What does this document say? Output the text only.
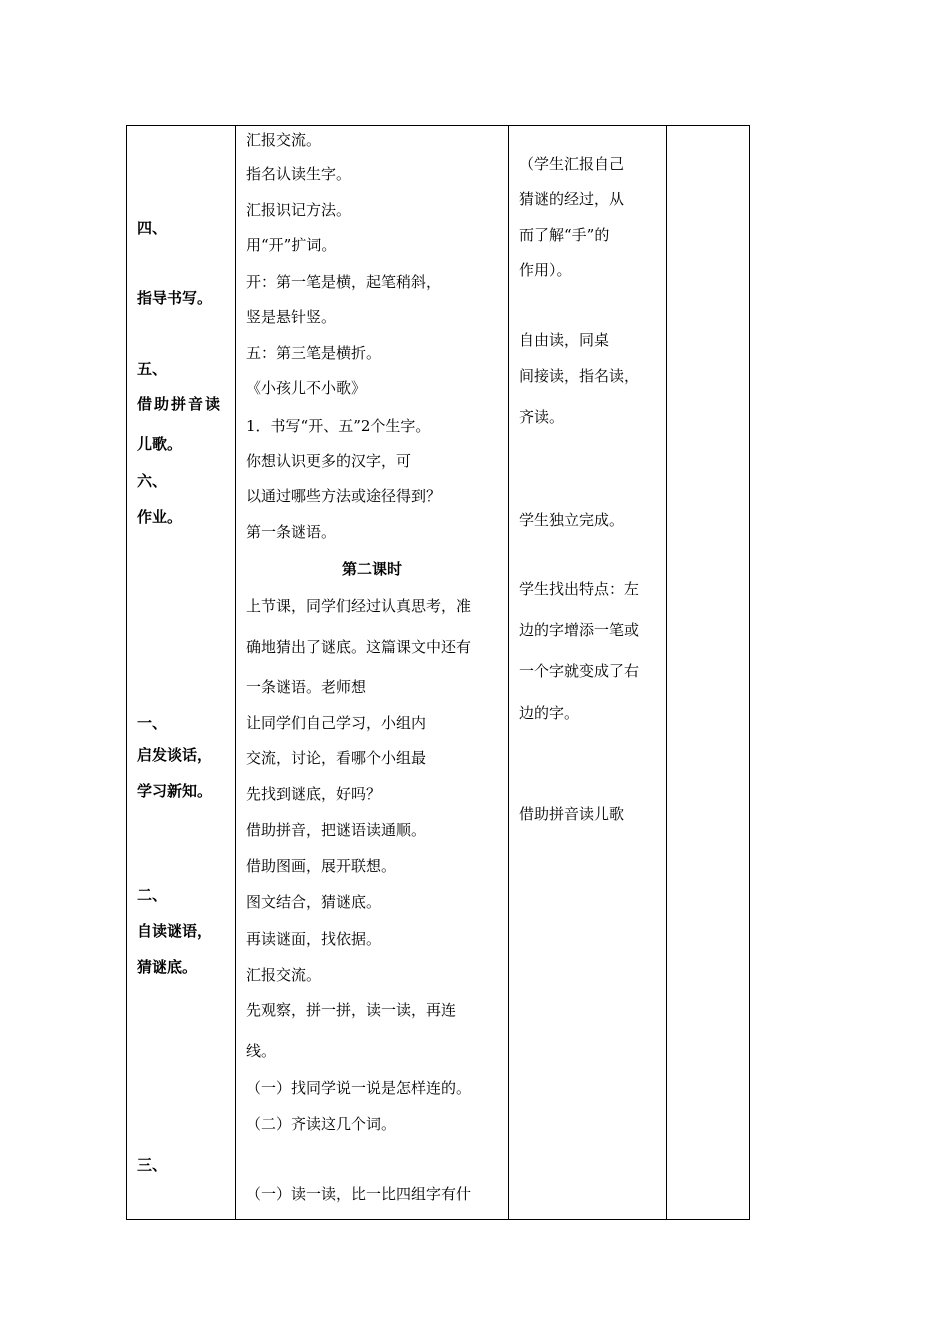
四、
指导书写。
五、
借助拼音读
儿歌。
六、
作业。
一、
启发谈话，
学习新知。
二、
自读谜语，
猜谜底。
三、
汇报交流。
指名认读生字。
汇报识记方法。
用“开”扩词。
开：第一笔是横，起笔稍斜，
竖是悬针竖。
五：第三笔是横折。
《小孩儿不小歌》
1．书写“开、五”2个生字。
你想认识更多的汉字，可
以通过哪些方法或途径得到？
第一条谜语。
第二课时
上节课，同学们经过认真思考，准
确地猜出了谜底。这篇课文中还有
一条谜语。老师想
让同学们自己学习，小组内
交流，讨论，看哪个小组最
先找到谜底，好吗？
借助拼音，把谜语读通顺。
借助图画，展开联想。
图文结合，猜谜底。
再读谜面，找依据。
汇报交流。
先观察，拼一拼，读一读，再连
线。
（一）找同学说一说是怎样连的。
（二）齐读这几个词。
（一）读一读，比一比四组字有什
（学生汇报自己
猜谜的经过，从
而了解“手”的
作用）。
自由读，同桌
间接读，指名读，
齐读。
学生独立完成。
学生找出特点：左
边的字增添一笔或
一个字就变成了右
边的字。
借助拼音读儿歌
